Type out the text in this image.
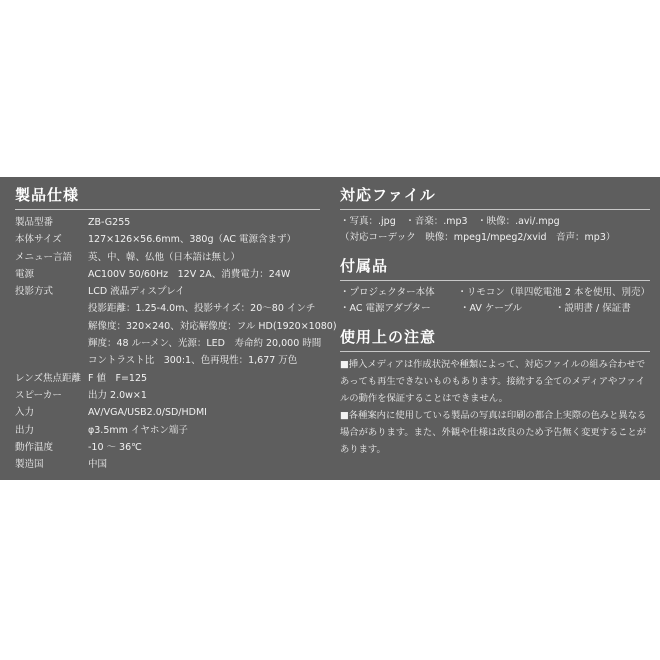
製品仕様
製品型番	ZB-G255
本体サイズ	127×126×56.6mm、380g（AC 電源含まず）
メニュー言語	英、中、韓、仏他（日本語は無し）
電源	AC100V 50/60Hz　12V 2A、消費電力：24W
投影方式	LCD 液晶ディスプレイ
投影距離：1.25-4.0m、投影サイズ：20～80 インチ
解像度：320×240、対応解像度：フル HD(1920×1080)
輝度：48 ルーメン、光源：LED　寿命約 20,000 時間
コントラスト比　300:1、色再現性：1,677 万色
レンズ焦点距離 F 値　F=125
スピーカー	出力 2.0w×1
入力	AV/VGA/USB2.0/SD/HDMI
出力	φ3.5mm イヤホン端子
動作温度	-10 ～ 36℃
製造国	中国
対応ファイル
・写真：.jpg　・音楽：.mp3　・映像：.avi/.mpg
（対応コーデック　映像：mpeg1/mpeg2/xvid　音声：mp3）
付属品
・プロジェクター本体	・リモコン（単四乾電池 2 本を使用、別売）
・AC 電源アダプター	・AV ケーブル	・説明書 / 保証書
使用上の注意
■挿入メディアは作成状況や種類によって、対応ファイルの組み合わせであっても再生できないものもあります。接続する全てのメディアやファイルの動作を保証することはできません。
■各種案内に使用している製品の写真は印刷の都合上実際の色みと異なる場合があります。また、外観や仕様は改良のため予告無く変更することがあります。
